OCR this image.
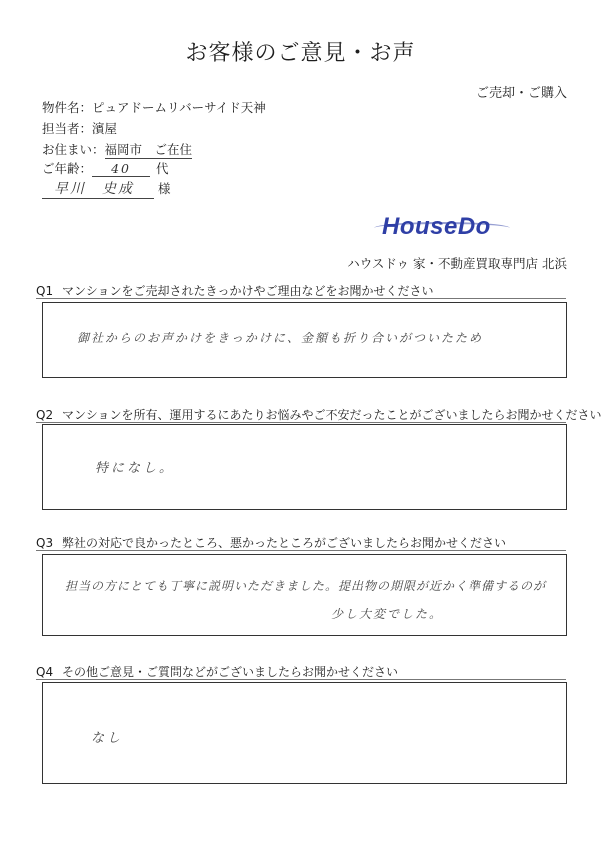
お客様のご意見・お声
ご売却・ご購入
物件名：ピュアドームリバーサイド天神
担当者：濱屋
お住まい：福岡市　ご在住
ご年齢： 40 代
早川　史成 様
HouseDo
ハウスドゥ 家・不動産買取専門店 北浜
Q1 マンションをご売却されたきっかけやご理由などをお聞かせください
御社からのお声かけをきっかけに、金額も折り合いがついたため
Q2 マンションを所有、運用するにあたりお悩みやご不安だったことがございましたらお聞かせください
特になし。
Q3 弊社の対応で良かったところ、悪かったところがございましたらお聞かせください
担当の方にとても丁寧に説明いただきました。提出物の期限が近かく準備するのが
少し大変でした。
Q4 その他ご意見・ご質問などがございましたらお聞かせください
なし
